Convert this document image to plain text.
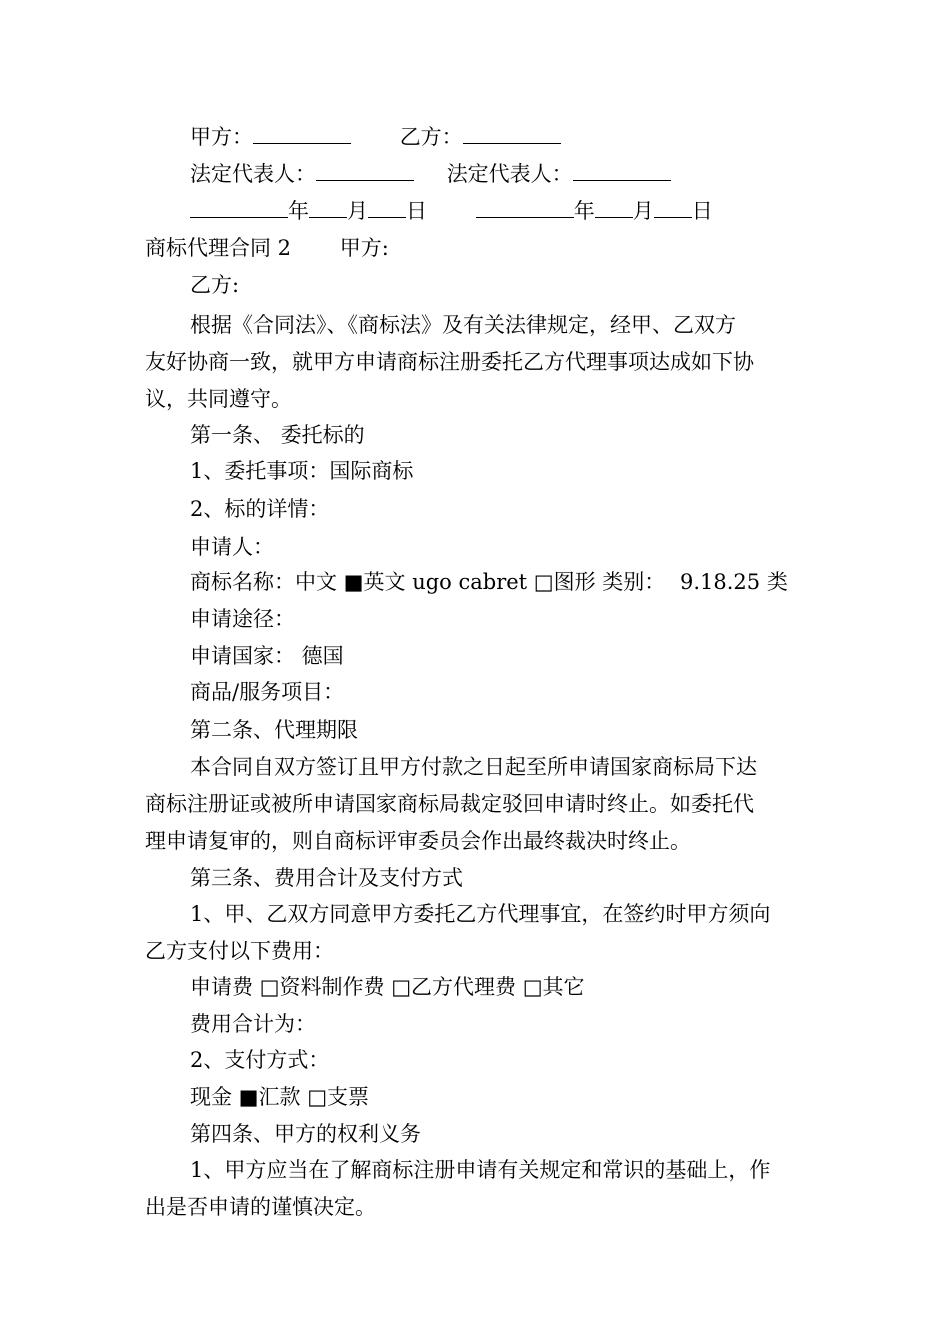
甲方：	乙方：
法定代表人：	法定代表人：
年 月 日	年 月 日
商标代理合同 2 甲方:
乙方:
根据《合同法》、《商标法》及有关法律规定，经甲、乙双方
友好协商一致，就甲方申请商标注册委托乙方代理事项达成如下协
议，共同遵守。
第一条、 委托标的
1、委托事项：国际商标
2、标的详情：
申请人：
商标名称：中文 ■英文 ugo cabret □图形 类别： 9.18.25 类
申请途径：
申请国家： 德国
商品/服务项目：
第二条、代理期限
本合同自双方签订且甲方付款之日起至所申请国家商标局下达
商标注册证或被所申请国家商标局裁定驳回申请时终止。如委托代
理申请复审的，则自商标评审委员会作出最终裁决时终止。
第三条、费用合计及支付方式
1、甲、乙双方同意甲方委托乙方代理事宜，在签约时甲方须向
乙方支付以下费用：
申请费 □资料制作费 □乙方代理费 □其它
费用合计为：
2、支付方式：
现金 ■汇款 □支票
第四条、甲方的权利义务
1、甲方应当在了解商标注册申请有关规定和常识的基础上，作
出是否申请的谨慎决定。
